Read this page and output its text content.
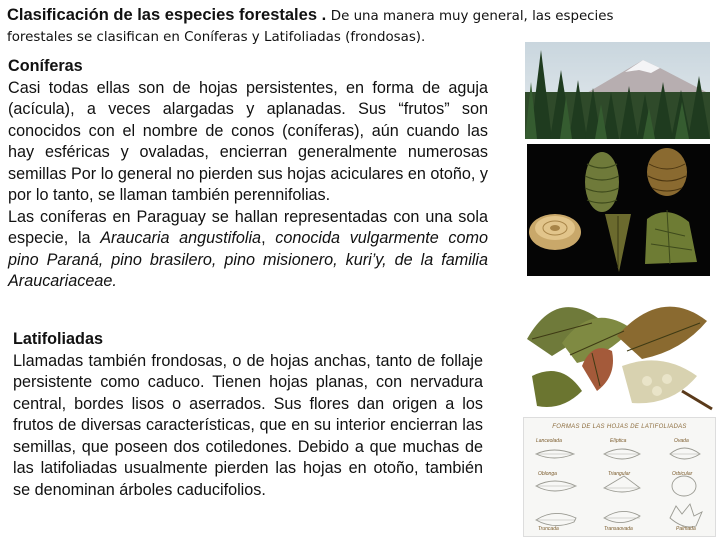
Clasificación de las especies forestales . De una manera muy general, las especies
forestales se clasifican en Coníferas y Latifoliadas (frondosas).
Coníferas

Casi todas ellas son de hojas persistentes, en forma de aguja (acícula), a veces alargadas y aplanadas. Sus “frutos” son conocidos con el nombre de conos (coníferas), aún cuando las hay esféricas y ovaladas, encierran generalmente numerosas semillas Por lo general no pierden sus hojas aciculares en otoño, y por lo tanto, se llaman también perennifolias.

Las coníferas en Paraguay se hallan representadas con una sola especie, la Araucaria angustifolia, conocida vulgarmente como pino Paraná, pino brasilero, pino misionero, kuri’y, de la familia Araucariaceae.

Latifoliadas

Llamadas también frondosas, o de hojas anchas, tanto de follaje persistente como caduco. Tienen hojas planas, con nervadura central, bordes lisos o aserrados. Sus flores dan origen a los frutos de diversas características, que en su interior encierran las semillas, que poseen dos cotiledones. Debido a que muchas de las latifoliadas usualmente pierden las hojas en otoño, también se denominan árboles caducifolios.

FORMAS DE LAS HOJAS DE LATIFOLIADAS
Lanceolada	Elíptica	Ovada
Oblonga	Triangular	Orbicular
Truncada	Transaovada	Palmada
